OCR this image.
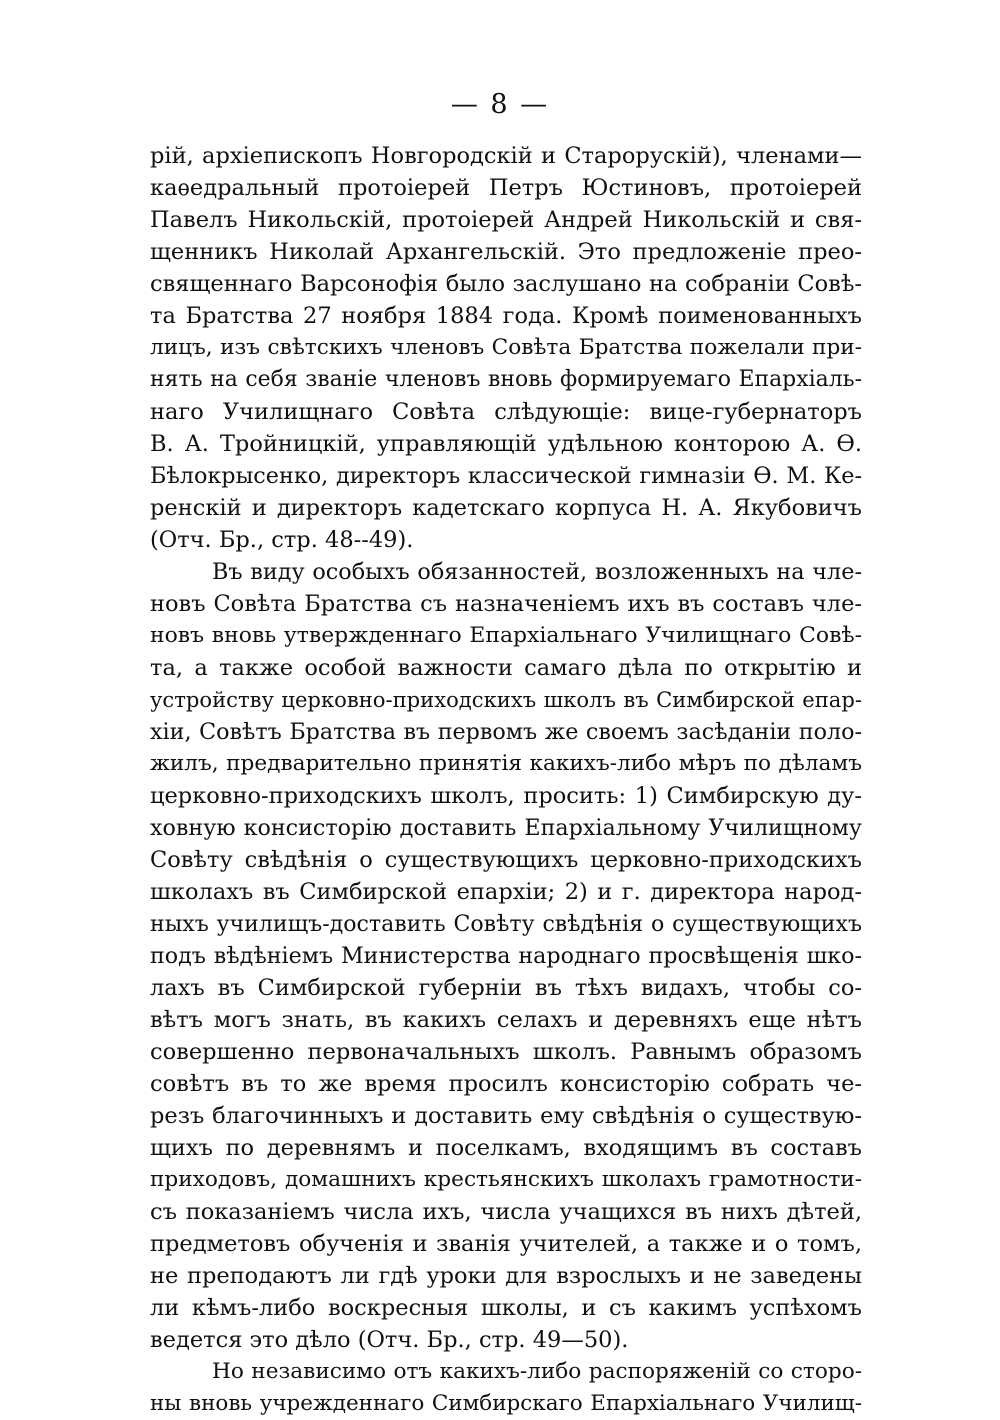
— 8 —
рій, архіепископъ Новгородскій и Старорускій), членами—
каѳедральный протоіерей Петръ Юстиновъ, протоіерей
Павелъ Никольскій, протоіерей Андрей Никольскій и свя-
щенникъ Николай Архангельскій. Это предложеніе прео-
священнаго Варсонофія было заслушано на собраніи Совѣ-
та Братства 27 ноября 1884 года. Кромѣ поименованныхъ
лицъ, изъ свѣтскихъ членовъ Совѣта Братства пожелали при-
нять на себя званіе членовъ вновь формируемаго Епархіаль-
наго Училищнаго Совѣта слѣдующіе: вице-губернаторъ
В. А. Тройницкій, управляющій удѣльною конторою А. Ѳ.
Бѣлокрысенко, директоръ классической гимназіи Ѳ. М. Ке-
ренскій и директоръ кадетскаго корпуса Н. А. Якубовичъ
(Отч. Бр., стр. 48--49).
Въ виду особыхъ обязанностей, возложенныхъ на чле-
новъ Совѣта Братства съ назначеніемъ ихъ въ составъ чле-
новъ вновь утвержденнаго Епархіальнаго Училищнаго Совѣ-
та, а также особой важности самаго дѣла по открытію и
устройству церковно-приходскихъ школъ въ Симбирской епар-
хіи, Совѣтъ Братства въ первомъ же своемъ засѣданіи поло-
жилъ, предварительно принятія какихъ-либо мѣръ по дѣламъ
церковно-приходскихъ школъ, просить: 1) Симбирскую ду-
ховную консисторію доставить Епархіальному Училищному
Совѣту свѣдѣнія о существующихъ церковно-приходскихъ
школахъ въ Симбирской епархіи; 2) и г. директора народ-
ныхъ училищъ-доставить Совѣту свѣдѣнія о существующихъ
подъ вѣдѣніемъ Министерства народнаго просвѣщенія шко-
лахъ въ Симбирской губерніи въ тѣхъ видахъ, чтобы со-
вѣтъ могъ знать, въ какихъ селахъ и деревняхъ еще нѣтъ
совершенно первоначальныхъ школъ. Равнымъ образомъ
совѣтъ въ то же время просилъ консисторію собрать че-
резъ благочинныхъ и доставить ему свѣдѣнія о существую-
щихъ по деревнямъ и поселкамъ, входящимъ въ составъ
приходовъ, домашнихъ крестьянскихъ школахъ грамотности-
съ показаніемъ числа ихъ, числа учащихся въ нихъ дѣтей,
предметовъ обученія и званія учителей, а также и о томъ,
не преподаютъ ли гдѣ уроки для взрослыхъ и не заведены
ли кѣмъ-либо воскресныя школы, и съ какимъ успѣхомъ
ведется это дѣло (Отч. Бр., стр. 49—50).
Но независимо отъ какихъ-либо распоряженій со сторо-
ны вновь учрежденнаго Симбирскаго Епархіальнаго Училищ-
